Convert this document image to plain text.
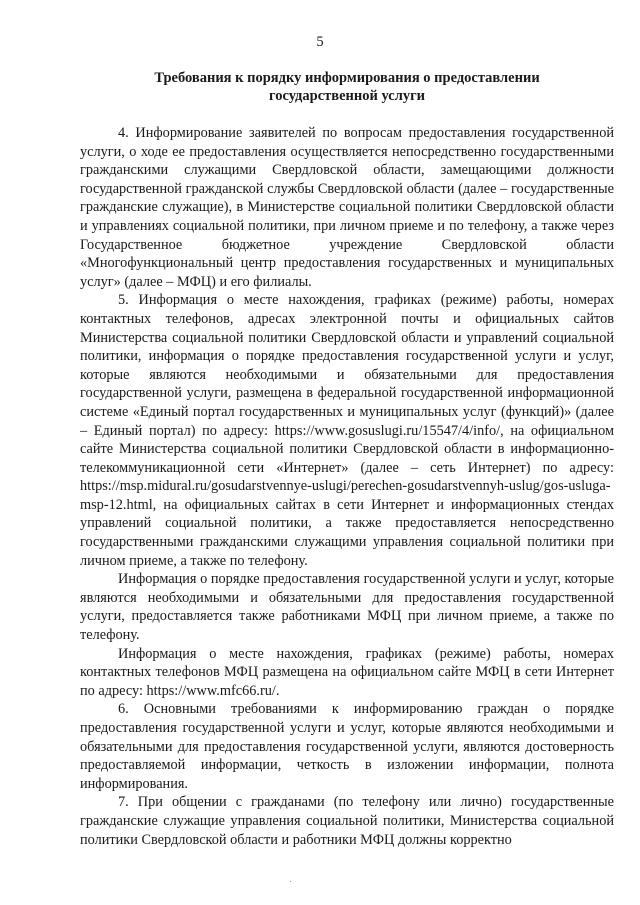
5
Требования к порядку информирования о предоставлении
государственной услуги

4. Информирование заявителей по вопросам предоставления государственной услуги, о ходе ее предоставления осуществляется непосредственно государственными гражданскими служащими Свердловской области, замещающими должности государственной гражданской службы Свердловской области (далее – государственные гражданские служащие), в Министерстве социальной политики Свердловской области и управлениях социальной политики, при личном приеме и по телефону, а также через Государственное бюджетное учреждение Свердловской области «Многофункциональный центр предоставления государственных и муниципальных услуг» (далее – МФЦ) и его филиалы.

5. Информация о месте нахождения, графиках (режиме) работы, номерах контактных телефонов, адресах электронной почты и официальных сайтов Министерства социальной политики Свердловской области и управлений социальной политики, информация о порядке предоставления государственной услуги и услуг, которые являются необходимыми и обязательными для предоставления государственной услуги, размещена в федеральной государственной информационной системе «Единый портал государственных и муниципальных услуг (функций)» (далее – Единый портал) по адресу: https://www.gosuslugi.ru/15547/4/info/, на официальном сайте Министерства социальной политики Свердловской области в информационно-телекоммуникационной сети «Интернет» (далее – сеть Интернет) по адресу: https://msp.midural.ru/gosudarstvennye-uslugi/perechen-gosudarstvennyh-uslug/gos-usluga-msp-12.html, на официальных сайтах в сети Интернет и информационных стендах управлений социальной политики, а также предоставляется непосредственно государственными гражданскими служащими управления социальной политики при личном приеме, а также по телефону.

Информация о порядке предоставления государственной услуги и услуг, которые являются необходимыми и обязательными для предоставления государственной услуги, предоставляется также работниками МФЦ при личном приеме, а также по телефону.

Информация о месте нахождения, графиках (режиме) работы, номерах контактных телефонов МФЦ размещена на официальном сайте МФЦ в сети Интернет по адресу: https://www.mfc66.ru/.

6. Основными требованиями к информированию граждан о порядке предоставления государственной услуги и услуг, которые являются необходимыми и обязательными для предоставления государственной услуги, являются достоверность предоставляемой информации, четкость в изложении информации, полнота информирования.

7. При общении с гражданами (по телефону или лично) государственные гражданские служащие управления социальной политики, Министерства социальной политики Свердловской области и работники МФЦ должны корректно
